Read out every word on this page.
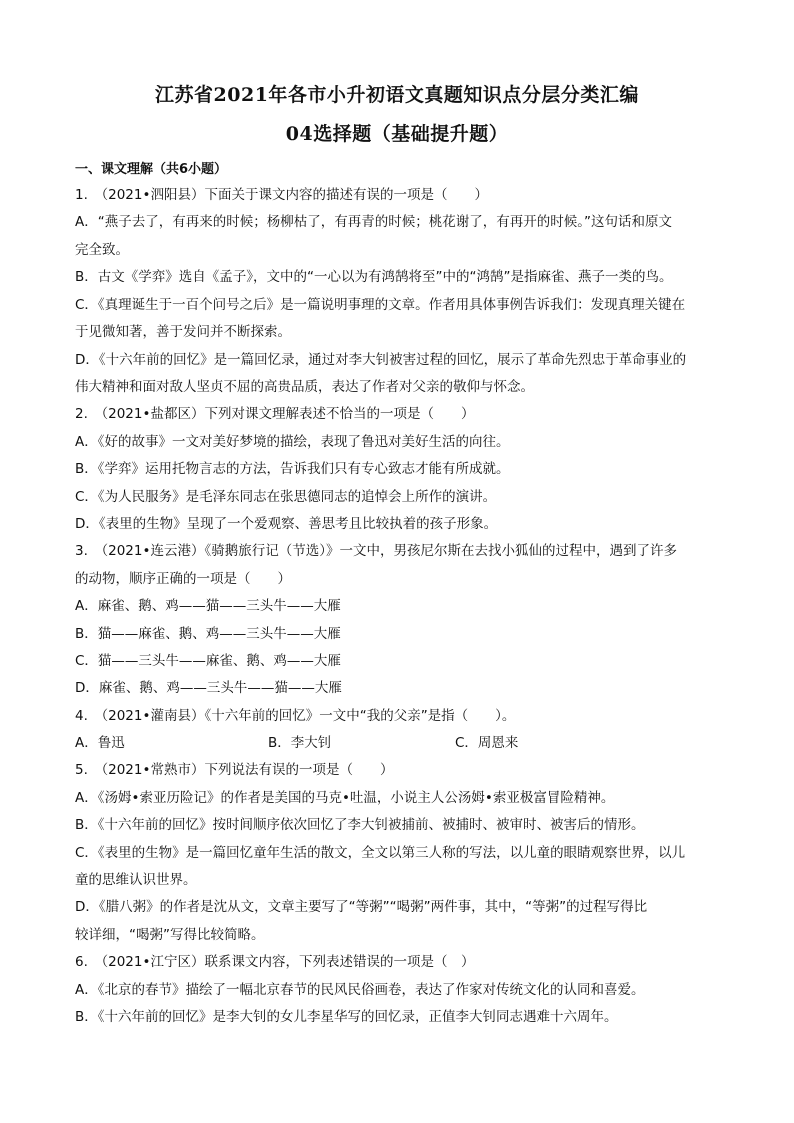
江苏省2021年各市小升初语文真题知识点分层分类汇编
04选择题（基础提升题）
一、课文理解（共6小题）
1.　（2021•泗阳县）下面关于课文内容的描述有误的一项是（　　）
A．“燕子去了，有再来的时候；杨柳枯了，有再青的时候；桃花谢了，有再开的时候。”这句话和原文
完全致。
B．古文《学弈》选自《孟子》，文中的“一心以为有鸿鹄将至”中的“鸿鹄”是指麻雀、燕子一类的鸟。
C．《真理诞生于一百个问号之后》是一篇说明事理的文章。作者用具体事例告诉我们：发现真理关键在
于见微知著，善于发问并不断探索。
D．《十六年前的回忆》是一篇回忆录，通过对李大钊被害过程的回忆，展示了革命先烈忠于革命事业的
伟大精神和面对敌人坚贞不屈的高贵品质，表达了作者对父亲的敬仰与怀念。
2.　（2021•盐都区）下列对课文理解表述不恰当的一项是（　　）
A．《好的故事》一文对美好梦境的描绘，表现了鲁迅对美好生活的向往。
B．《学弈》运用托物言志的方法，告诉我们只有专心致志才能有所成就。
C．《为人民服务》是毛泽东同志在张思德同志的追悼会上所作的演讲。
D．《表里的生物》呈现了一个爱观察、善思考且比较执着的孩子形象。
3.　（2021•连云港）《骑鹅旅行记（节选）》一文中，男孩尼尔斯在去找小狐仙的过程中，遇到了许多
的动物，顺序正确的一项是（　　）
A．麻雀、鹅、鸡——猫——三头牛——大雁
B．猫——麻雀、鹅、鸡——三头牛——大雁
C．猫——三头牛——麻雀、鹅、鸡——大雁
D．麻雀、鹅、鸡——三头牛——猫——大雁
4.　（2021•灌南县）《十六年前的回忆》一文中“我的父亲”是指（　　）。
A．鲁迅	B．李大钊	C．周恩来
5.　（2021•常熟市）下列说法有误的一项是（　　）
A．《汤姆•索亚历险记》的作者是美国的马克•吐温，小说主人公汤姆•索亚极富冒险精神。
B．《十六年前的回忆》按时间顺序依次回忆了李大钊被捕前、被捕时、被审时、被害后的情形。
C．《表里的生物》是一篇回忆童年生活的散文，全文以第三人称的写法，以儿童的眼睛观察世界，以儿
童的思维认识世界。
D．《腊八粥》的作者是沈从文，文章主要写了“等粥”“喝粥”两件事，其中，“等粥”的过程写得比
较详细，“喝粥”写得比较简略。
6.　（2021•江宁区）联系课文内容，下列表述错误的一项是（　）
A．《北京的春节》描绘了一幅北京春节的民风民俗画卷，表达了作家对传统文化的认同和喜爱。
B．《十六年前的回忆》是李大钊的女儿李星华写的回忆录，正值李大钊同志遇难十六周年。
